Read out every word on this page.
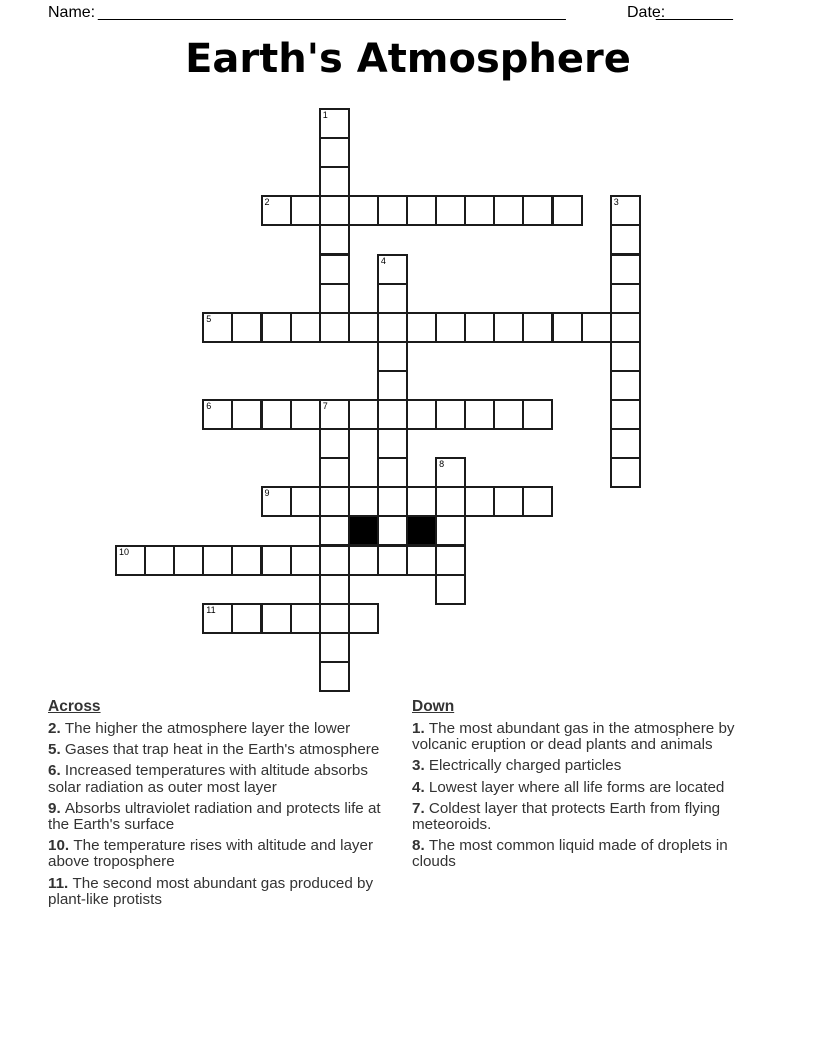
Name: _______________________________________________________	Date:
_________
Earth's Atmosphere
1
2	3
4
5
6	7
8
9
10
11
Across

2. The higher the atmosphere layer the lower

5. Gases that trap heat in the Earth's atmosphere

6. Increased temperatures with altitude absorbs solar radiation as outer most layer

9. Absorbs ultraviolet radiation and protects life at the Earth's surface

10. The temperature rises with altitude and layer above troposphere

11. The second most abundant gas produced by plant-like protists

Down

1. The most abundant gas in the atmosphere by volcanic eruption or dead plants and animals

3. Electrically charged particles

4. Lowest layer where all life forms are located

7. Coldest layer that protects Earth from flying meteoroids.

8. The most common liquid made of droplets in clouds
